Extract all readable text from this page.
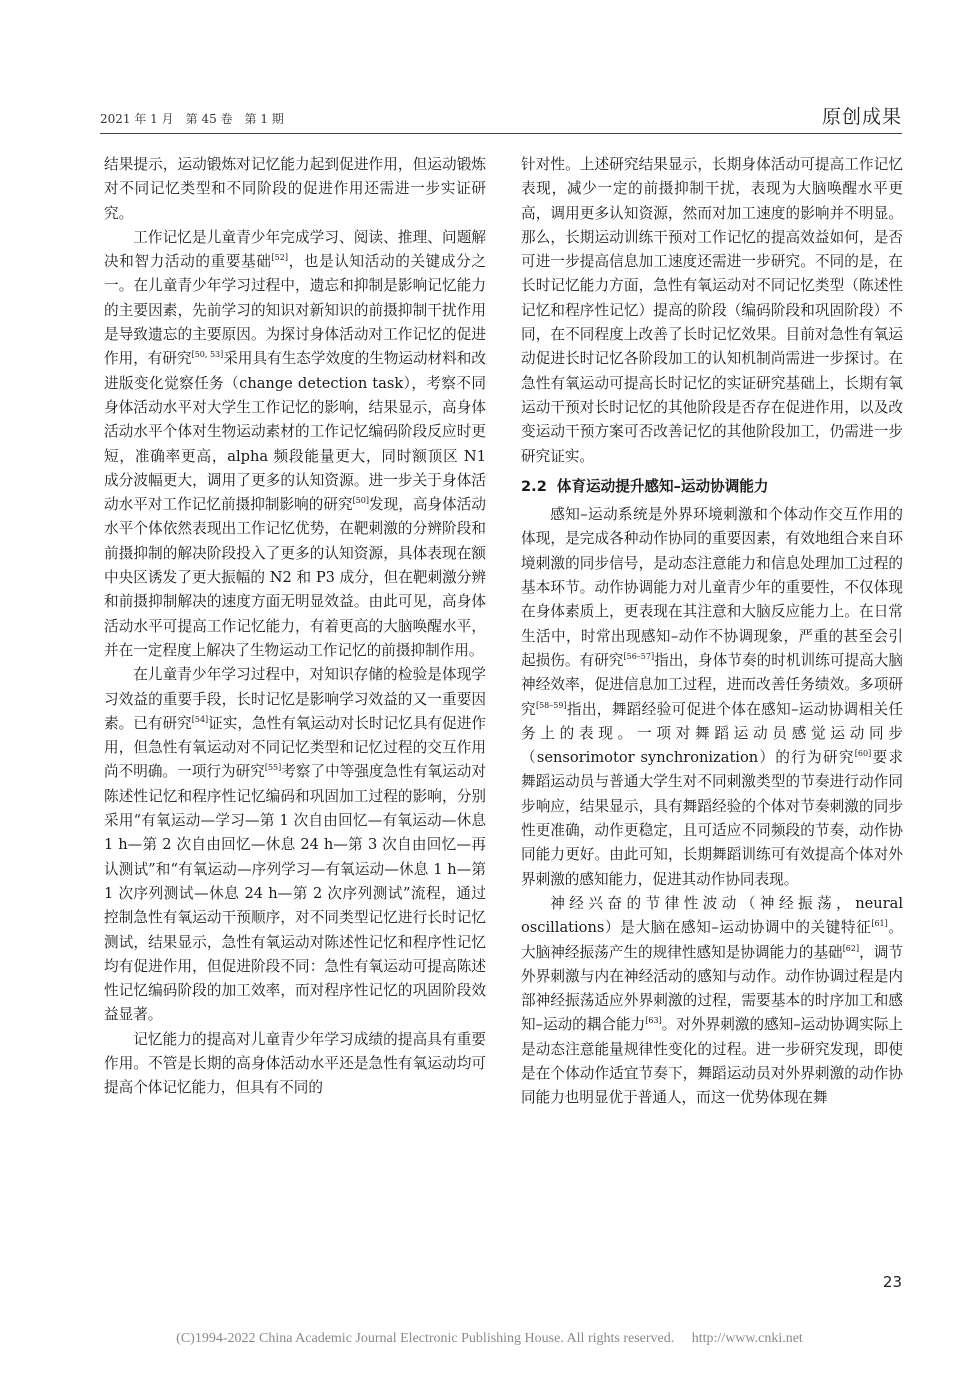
2021 年 1 月　第 45 卷　第 1 期	原创成果

结果提示，运动锻炼对记忆能力起到促进作用，但运动锻炼对不同记忆类型和不同阶段的促进作用还需进一步实证研究。

工作记忆是儿童青少年完成学习、阅读、推理、问题解决和智力活动的重要基础[52]，也是认知活动的关键成分之一。在儿童青少年学习过程中，遗忘和抑制是影响记忆能力的主要因素，先前学习的知识对新知识的前摄抑制干扰作用是导致遗忘的主要原因。为探讨身体活动对工作记忆的促进作用，有研究[50, 53]采用具有生态学效度的生物运动材料和改进版变化觉察任务（change detection task），考察不同身体活动水平对大学生工作记忆的影响，结果显示，高身体活动水平个体对生物运动素材的工作记忆编码阶段反应时更短，准确率更高，alpha 频段能量更大，同时额顶区 N1 成分波幅更大，调用了更多的认知资源。进一步关于身体活动水平对工作记忆前摄抑制影响的研究[50]发现，高身体活动水平个体依然表现出工作记忆优势，在靶刺激的分辨阶段和前摄抑制的解决阶段投入了更多的认知资源，具体表现在额中央区诱发了更大振幅的 N2 和 P3 成分，但在靶刺激分辨和前摄抑制解决的速度方面无明显效益。由此可见，高身体活动水平可提高工作记忆能力，有着更高的大脑唤醒水平，并在一定程度上解决了生物运动工作记忆的前摄抑制作用。

在儿童青少年学习过程中，对知识存储的检验是体现学习效益的重要手段，长时记忆是影响学习效益的又一重要因素。已有研究[54]证实，急性有氧运动对长时记忆具有促进作用，但急性有氧运动对不同记忆类型和记忆过程的交互作用尚不明确。一项行为研究[55]考察了中等强度急性有氧运动对陈述性记忆和程序性记忆编码和巩固加工过程的影响，分别采用“有氧运动—学习—第 1 次自由回忆—有氧运动—休息 1 h—第 2 次自由回忆—休息 24 h—第 3 次自由回忆—再认测试”和“有氧运动—序列学习—有氧运动—休息 1 h—第 1 次序列测试—休息 24 h—第 2 次序列测试”流程，通过控制急性有氧运动干预顺序，对不同类型记忆进行长时记忆测试，结果显示，急性有氧运动对陈述性记忆和程序性记忆均有促进作用，但促进阶段不同：急性有氧运动可提高陈述性记忆编码阶段的加工效率，而对程序性记忆的巩固阶段效益显著。

记忆能力的提高对儿童青少年学习成绩的提高具有重要作用。不管是长期的高身体活动水平还是急性有氧运动均可提高个体记忆能力，但具有不同的

针对性。上述研究结果显示，长期身体活动可提高工作记忆表现，减少一定的前摄抑制干扰，表现为大脑唤醒水平更高，调用更多认知资源，然而对加工速度的影响并不明显。那么，长期运动训练干预对工作记忆的提高效益如何，是否可进一步提高信息加工速度还需进一步研究。不同的是，在长时记忆能力方面，急性有氧运动对不同记忆类型（陈述性记忆和程序性记忆）提高的阶段（编码阶段和巩固阶段）不同，在不同程度上改善了长时记忆效果。目前对急性有氧运动促进长时记忆各阶段加工的认知机制尚需进一步探讨。在急性有氧运动可提高长时记忆的实证研究基础上，长期有氧运动干预对长时记忆的其他阶段是否存在促进作用，以及改变运动干预方案可否改善记忆的其他阶段加工，仍需进一步研究证实。

2.2 体育运动提升感知–运动协调能力

感知–运动系统是外界环境刺激和个体动作交互作用的体现，是完成各种动作协同的重要因素，有效地组合来自环境刺激的同步信号，是动态注意能力和信息处理加工过程的基本环节。动作协调能力对儿童青少年的重要性，不仅体现在身体素质上，更表现在其注意和大脑反应能力上。在日常生活中，时常出现感知–动作不协调现象，严重的甚至会引起损伤。有研究[56–57]指出，身体节奏的时机训练可提高大脑神经效率，促进信息加工过程，进而改善任务绩效。多项研究[58–59]指出，舞蹈经验可促进个体在感知–运动协调相关任务上的表现。一项对舞蹈运动员感觉运动同步（sensorimotor synchronization）的行为研究[60]要求舞蹈运动员与普通大学生对不同刺激类型的节奏进行动作同步响应，结果显示，具有舞蹈经验的个体对节奏刺激的同步性更准确，动作更稳定，且可适应不同频段的节奏，动作协同能力更好。由此可知，长期舞蹈训练可有效提高个体对外界刺激的感知能力，促进其动作协同表现。

神经兴奋的节律性波动（神经振荡，neural oscillations）是大脑在感知–运动协调中的关键特征[61]。大脑神经振荡产生的规律性感知是协调能力的基础[62]，调节外界刺激与内在神经活动的感知与动作。动作协调过程是内部神经振荡适应外界刺激的过程，需要基本的时序加工和感知–运动的耦合能力[63]。对外界刺激的感知–运动协调实际上是动态注意能量规律性变化的过程。进一步研究发现，即使是在个体动作适宜节奏下，舞蹈运动员对外界刺激的动作协同能力也明显优于普通人，而这一优势体现在舞

23
(C)1994-2022 China Academic Journal Electronic Publishing House. All rights reserved.　 http://www.cnki.net
